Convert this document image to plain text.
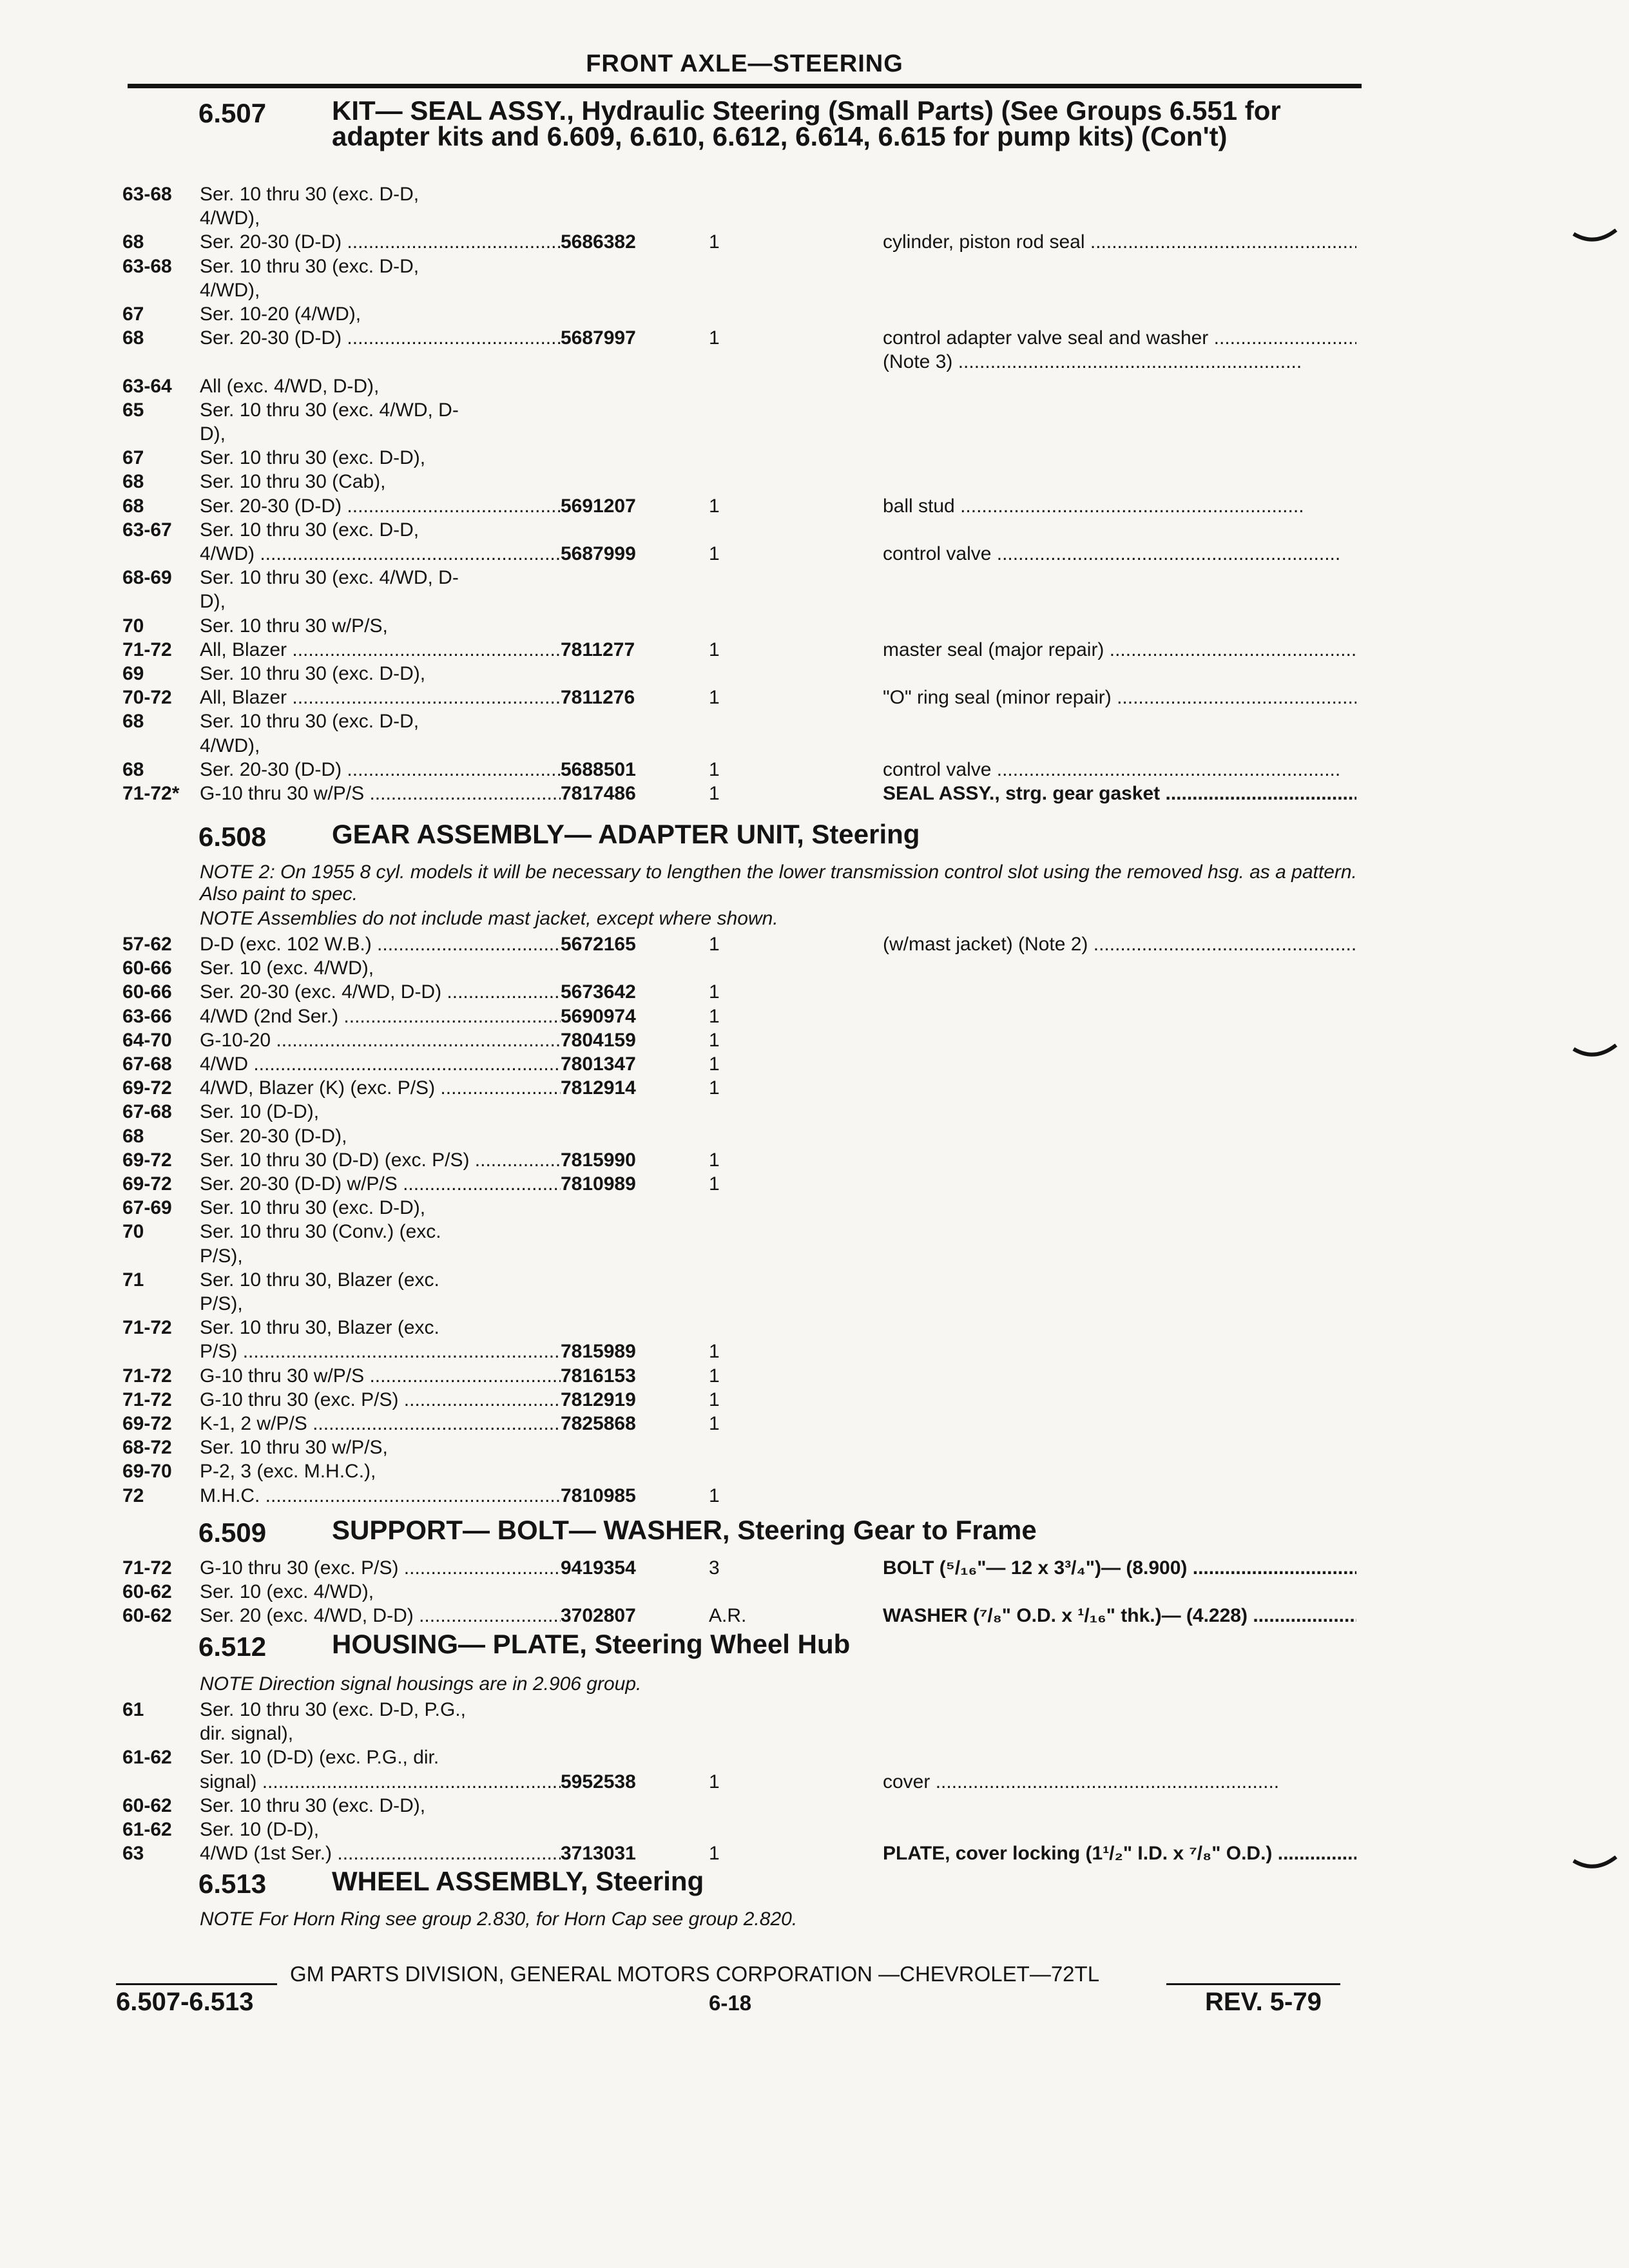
FRONT AXLE—STEERING
6.507 KIT— SEAL ASSY., Hydraulic Steering (Small Parts) (See Groups 6.551 for adapter kits and 6.609, 6.610, 6.612, 6.614, 6.615 for pump kits) (Con't)
63-68	Ser. 10 thru 30 (exc. D-D,
4/WD),
68	Ser. 20-30 (D-D) .....	5686382	1	cylinder, piston rod seal .....
63-68	Ser. 10 thru 30 (exc. D-D,
4/WD),
67	Ser. 10-20 (4/WD),
68	Ser. 20-30 (D-D) .....	5687997	1	control adapter valve seal and washer .....
(Note 3) .....
63-64	All (exc. 4/WD, D-D),
65	Ser. 10 thru 30 (exc. 4/WD, D-
D),
67	Ser. 10 thru 30 (exc. D-D),
68	Ser. 10 thru 30 (Cab),
68	Ser. 20-30 (D-D) .....	5691207	1	ball stud .....
63-67	Ser. 10 thru 30 (exc. D-D,
4/WD) .....	5687999	1	control valve .....
68-69	Ser. 10 thru 30 (exc. 4/WD, D-
D),
70	Ser. 10 thru 30 w/P/S,
71-72	All, Blazer .....	7811277	1	master seal (major repair) .....
69	Ser. 10 thru 30 (exc. D-D),
70-72	All, Blazer .....	7811276	1	"O" ring seal (minor repair) .....
68	Ser. 10 thru 30 (exc. D-D,
4/WD),
68	Ser. 20-30 (D-D) .....	5688501	1	control valve .....
71-72*	G-10 thru 30 w/P/S .....	7817486	1	SEAL ASSY., strg. gear gasket .....
6.508 GEAR ASSEMBLY— ADAPTER UNIT, Steering
NOTE 2: On 1955 8 cyl. models it will be necessary to lengthen the lower transmission control slot using the removed hsg. as a pattern. Also paint to spec.
NOTE Assemblies do not include mast jacket, except where shown.
57-62	D-D (exc. 102 W.B.) .....	5672165	1	(w/mast jacket) (Note 2) .....
60-66	Ser. 10 (exc. 4/WD),
60-66	Ser. 20-30 (exc. 4/WD, D-D) .....	5673642	1
63-66	4/WD (2nd Ser.) .....	5690974	1
64-70	G-10-20 .....	7804159	1
67-68	4/WD .....	7801347	1
69-72	4/WD, Blazer (K) (exc. P/S) .....	7812914	1
67-68	Ser. 10 (D-D),
68	Ser. 20-30 (D-D),
69-72	Ser. 10 thru 30 (D-D) (exc. P/S) .....	7815990	1
69-72	Ser. 20-30 (D-D) w/P/S .....	7810989	1
67-69	Ser. 10 thru 30 (exc. D-D),
70	Ser. 10 thru 30 (Conv.) (exc.
P/S),
71	Ser. 10 thru 30, Blazer (exc.
P/S),
71-72	Ser. 10 thru 30, Blazer (exc.
P/S) .....	7815989	1
71-72	G-10 thru 30 w/P/S .....	7816153	1
71-72	G-10 thru 30 (exc. P/S) .....	7812919	1
69-72	K-1, 2 w/P/S .....	7825868	1
68-72	Ser. 10 thru 30 w/P/S,
69-70	P-2, 3 (exc. M.H.C.),
72	M.H.C. .....	7810985	1
6.509 SUPPORT— BOLT— WASHER, Steering Gear to Frame
71-72	G-10 thru 30 (exc. P/S) .....	9419354	3	BOLT (⁵/₁₆"— 12 x 3³/₄")— (8.900) .....
60-62	Ser. 10 (exc. 4/WD),
60-62	Ser. 20 (exc. 4/WD, D-D) .....	3702807	A.R.	WASHER (⁷/₈" O.D. x ¹/₁₆" thk.)— (4.228) .....
6.512 HOUSING— PLATE, Steering Wheel Hub
NOTE Direction signal housings are in 2.906 group.
61	Ser. 10 thru 30 (exc. D-D, P.G.,
dir. signal),
61-62	Ser. 10 (D-D) (exc. P.G., dir.
signal) .....	5952538	1	cover .....
60-62	Ser. 10 thru 30 (exc. D-D),
61-62	Ser. 10 (D-D),
63	4/WD (1st Ser.) .....	3713031	1	PLATE, cover locking (1¹/₂" I.D. x ⁷/₈" O.D.) .....
6.513 WHEEL ASSEMBLY, Steering
NOTE For Horn Ring see group 2.830, for Horn Cap see group 2.820.
GM PARTS DIVISION, GENERAL MOTORS CORPORATION —CHEVROLET—72TL
6.507-6.513	6-18	REV. 5-79
